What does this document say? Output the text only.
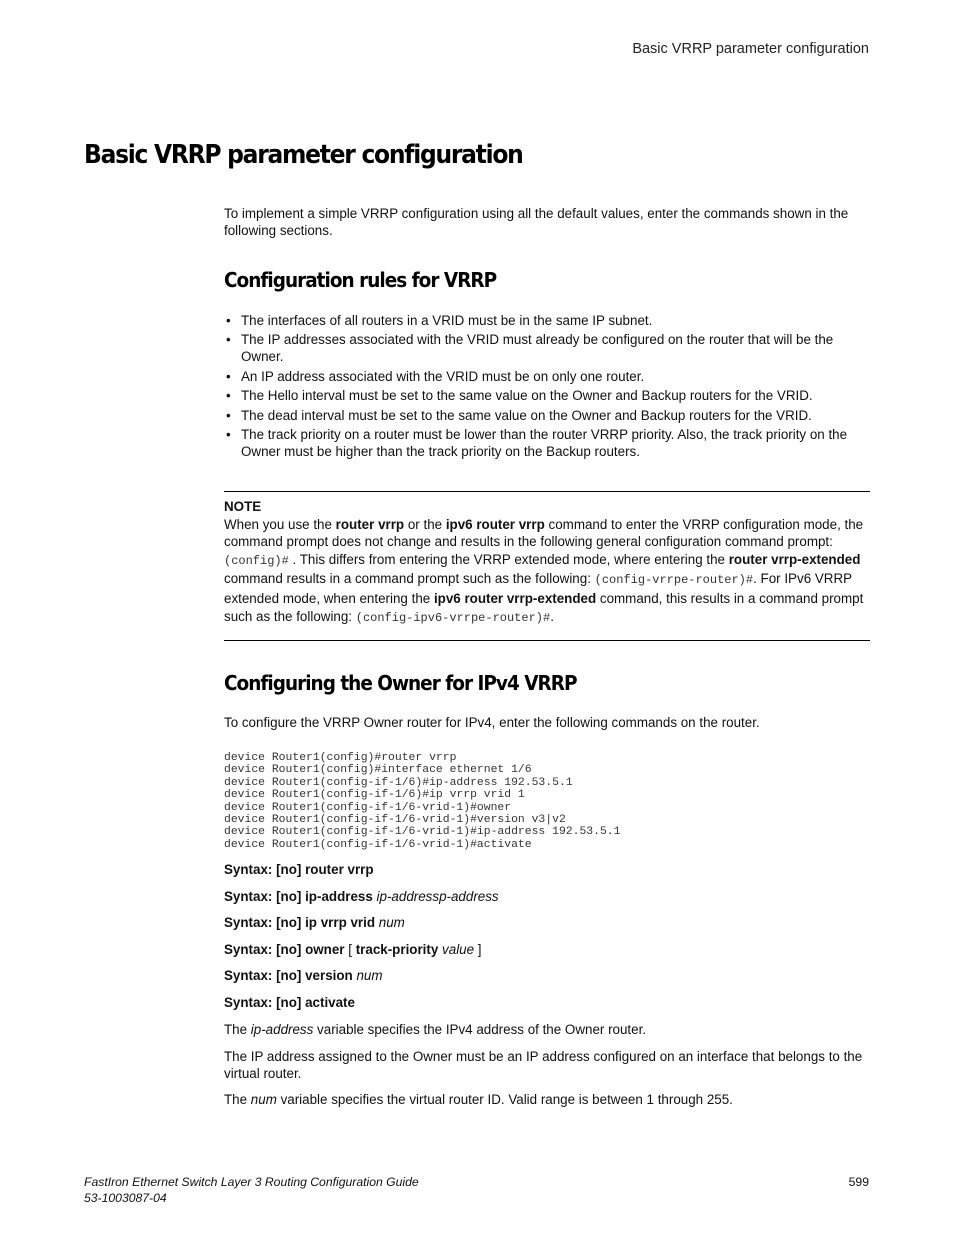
Basic VRRP parameter configuration
Basic VRRP parameter configuration

To implement a simple VRRP configuration using all the default values, enter the commands shown in the following sections.

Configuration rules for VRRP
• The interfaces of all routers in a VRID must be in the same IP subnet.
• The IP addresses associated with the VRID must already be configured on the router that will be the Owner.
• An IP address associated with the VRID must be on only one router.
• The Hello interval must be set to the same value on the Owner and Backup routers for the VRID.
• The dead interval must be set to the same value on the Owner and Backup routers for the VRID.
• The track priority on a router must be lower than the router VRRP priority. Also, the track priority on the Owner must be higher than the track priority on the Backup routers.
NOTE
When you use the router vrrp or the ipv6 router vrrp command to enter the VRRP configuration mode, the command prompt does not change and results in the following general configuration command prompt: (config)# . This differs from entering the VRRP extended mode, where entering the router vrrp-extended command results in a command prompt such as the following: (config-vrrpe-router)#. For IPv6 VRRP extended mode, when entering the ipv6 router vrrp-extended command, this results in a command prompt such as the following: (config-ipv6-vrrpe-router)#.
Configuring the Owner for IPv4 VRRP

To configure the VRRP Owner router for IPv4, enter the following commands on the router.

device Router1(config)#router vrrp
device Router1(config)#interface ethernet 1/6
device Router1(config-if-1/6)#ip-address 192.53.5.1
device Router1(config-if-1/6)#ip vrrp vrid 1
device Router1(config-if-1/6-vrid-1)#owner
device Router1(config-if-1/6-vrid-1)#version v3|v2
device Router1(config-if-1/6-vrid-1)#ip-address 192.53.5.1
device Router1(config-if-1/6-vrid-1)#activate
Syntax: [no] router vrrp
Syntax: [no] ip-address ip-addressp-address
Syntax: [no] ip vrrp vrid num
Syntax: [no] owner [ track-priority value ]
Syntax: [no] version num
Syntax: [no] activate

The ip-address variable specifies the IPv4 address of the Owner router.

The IP address assigned to the Owner must be an IP address configured on an interface that belongs to the virtual router.

The num variable specifies the virtual router ID. Valid range is between 1 through 255.

FastIron Ethernet Switch Layer 3 Routing Configuration Guide
53-1003087-04
599
